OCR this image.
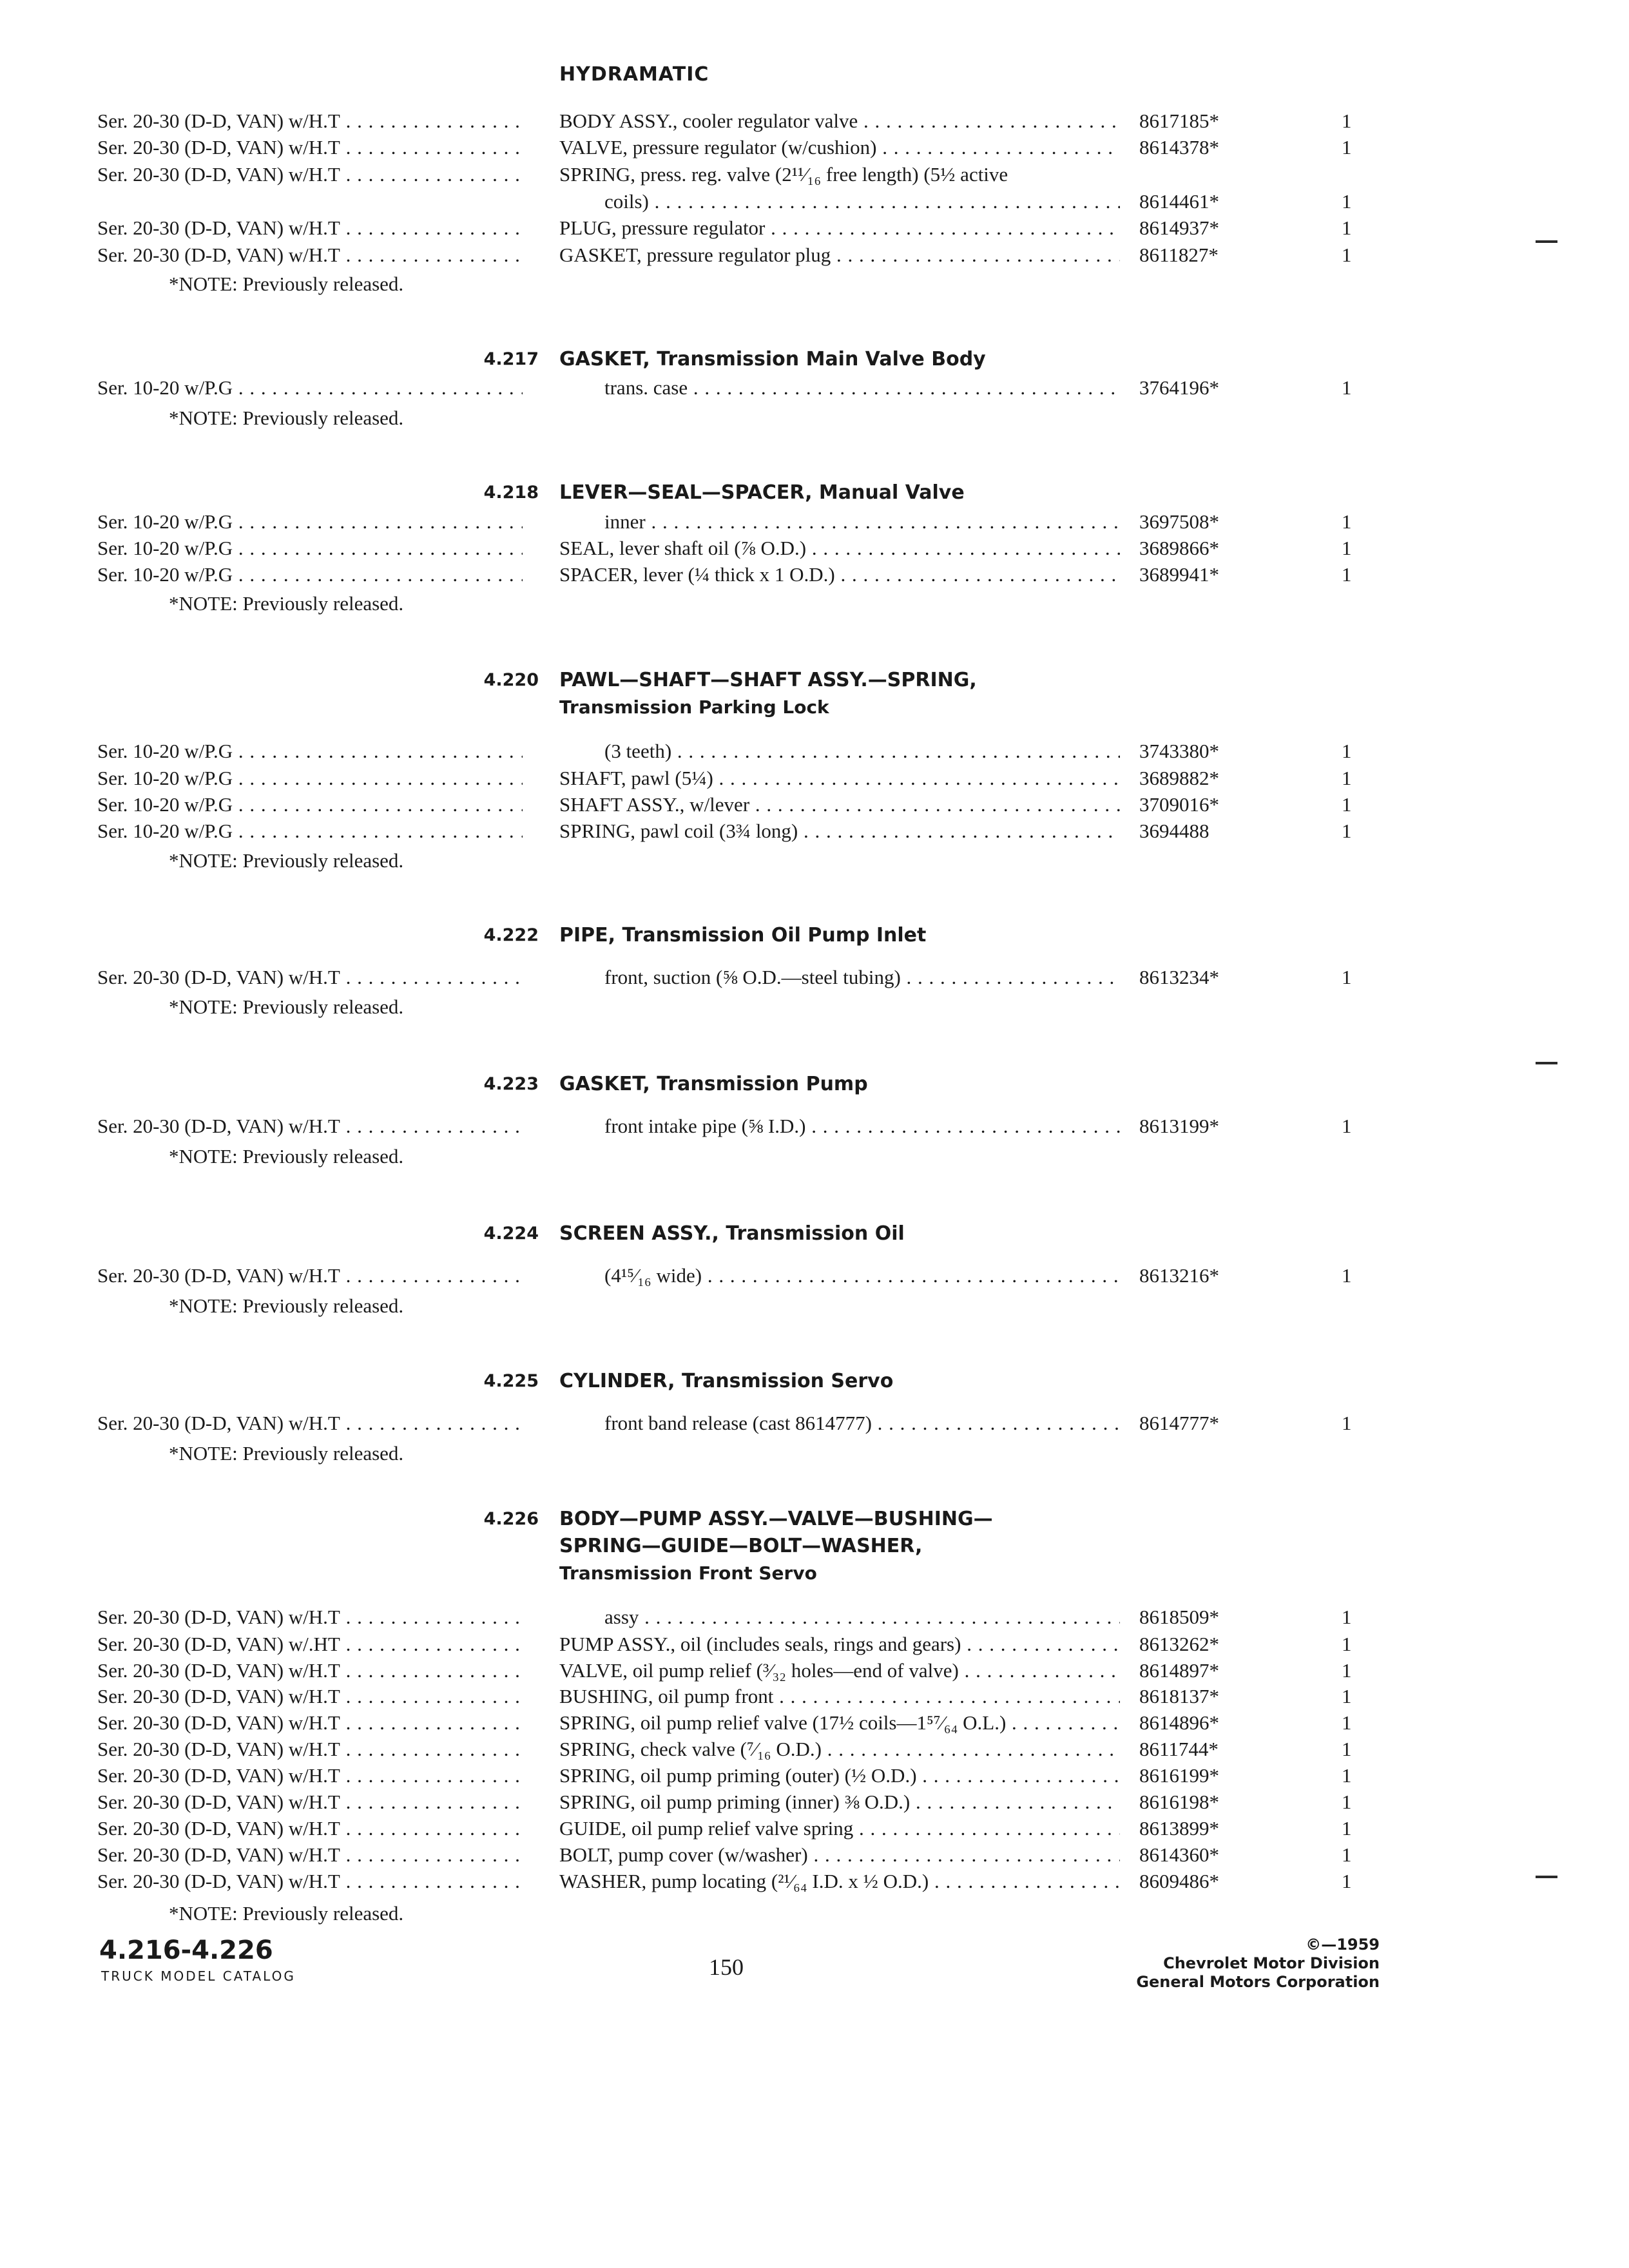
HYDRAMATIC
Ser. 20-30 (D-D, VAN) w/H.T . . .	BODY ASSY., cooler regulator valve . . .	8617185*	1
Ser. 20-30 (D-D, VAN) w/H.T . . .	VALVE, pressure regulator (w/cushion) . . .	8614378*	1
Ser. 20-30 (D-D, VAN) w/H.T . . .	SPRING, press. reg. valve (2¹¹⁄₁₆ free length) (5½ active
coils) . . .	8614461*	1
Ser. 20-30 (D-D, VAN) w/H.T . . .	PLUG, pressure regulator . . .	8614937*	1
Ser. 20-30 (D-D, VAN) w/H.T . . .	GASKET, pressure regulator plug . . .	8611827*	1
*NOTE: Previously released.
4.217 GASKET, Transmission Main Valve Body
Ser. 10-20 w/P.G . . .	trans. case . . .	3764196*	1
*NOTE: Previously released.
4.218 LEVER—SEAL—SPACER, Manual Valve
Ser. 10-20 w/P.G . . .	inner . . .	3697508*	1
Ser. 10-20 w/P.G . . .	SEAL, lever shaft oil (⅞ O.D.) . . .	3689866*	1
Ser. 10-20 w/P.G . . .	SPACER, lever (¼ thick x 1 O.D.) . . .	3689941*	1
*NOTE: Previously released.
4.220 PAWL—SHAFT—SHAFT ASSY.—SPRING,
Transmission Parking Lock
Ser. 10-20 w/P.G . . .	(3 teeth) . . .	3743380*	1
Ser. 10-20 w/P.G . . .	SHAFT, pawl (5¼) . . .	3689882*	1
Ser. 10-20 w/P.G . . .	SHAFT ASSY., w/lever . . .	3709016*	1
Ser. 10-20 w/P.G . . .	SPRING, pawl coil (3¾ long) . . .	3694488	1
*NOTE: Previously released.
4.222 PIPE, Transmission Oil Pump Inlet
Ser. 20-30 (D-D, VAN) w/H.T . . .	front, suction (⅝ O.D.—steel tubing) . . .	8613234*	1
*NOTE: Previously released.
4.223 GASKET, Transmission Pump
Ser. 20-30 (D-D, VAN) w/H.T . . .	front intake pipe (⅝ I.D.) . . .	8613199*	1
*NOTE: Previously released.
4.224 SCREEN ASSY., Transmission Oil
Ser. 20-30 (D-D, VAN) w/H.T . . .	(4¹⁵⁄₁₆ wide) . . .	8613216*	1
*NOTE: Previously released.
4.225 CYLINDER, Transmission Servo
Ser. 20-30 (D-D, VAN) w/H.T . . .	front band release (cast 8614777) . . .	8614777*	1
*NOTE: Previously released.
4.226 BODY—PUMP ASSY.—VALVE—BUSHING—
SPRING—GUIDE—BOLT—WASHER,
Transmission Front Servo
Ser. 20-30 (D-D, VAN) w/H.T . . .	assy . . .	8618509*	1
Ser. 20-30 (D-D, VAN) w/.HT . . .	PUMP ASSY., oil (includes seals, rings and gears) . . .	8613262*	1
Ser. 20-30 (D-D, VAN) w/H.T . . .	VALVE, oil pump relief (³⁄₃₂ holes—end of valve) . . .	8614897*	1
Ser. 20-30 (D-D, VAN) w/H.T . . .	BUSHING, oil pump front . . .	8618137*	1
Ser. 20-30 (D-D, VAN) w/H.T . . .	SPRING, oil pump relief valve (17½ coils—1⁵⁷⁄₆₄ O.L.) . . .	8614896*	1
Ser. 20-30 (D-D, VAN) w/H.T . . .	SPRING, check valve (⁷⁄₁₆ O.D.) . . .	8611744*	1
Ser. 20-30 (D-D, VAN) w/H.T . . .	SPRING, oil pump priming (outer) (½ O.D.) . . .	8616199*	1
Ser. 20-30 (D-D, VAN) w/H.T . . .	SPRING, oil pump priming (inner) ⅜ O.D.) . . .	8616198*	1
Ser. 20-30 (D-D, VAN) w/H.T . . .	GUIDE, oil pump relief valve spring . . .	8613899*	1
Ser. 20-30 (D-D, VAN) w/H.T . . .	BOLT, pump cover (w/washer) . . .	8614360*	1
Ser. 20-30 (D-D, VAN) w/H.T . . .	WASHER, pump locating (²¹⁄₆₄ I.D. x ½ O.D.) . . .	8609486*	1
*NOTE: Previously released.
4.216-4.226
TRUCK MODEL CATALOG	150
©—1959
Chevrolet Motor Division
General Motors Corporation
